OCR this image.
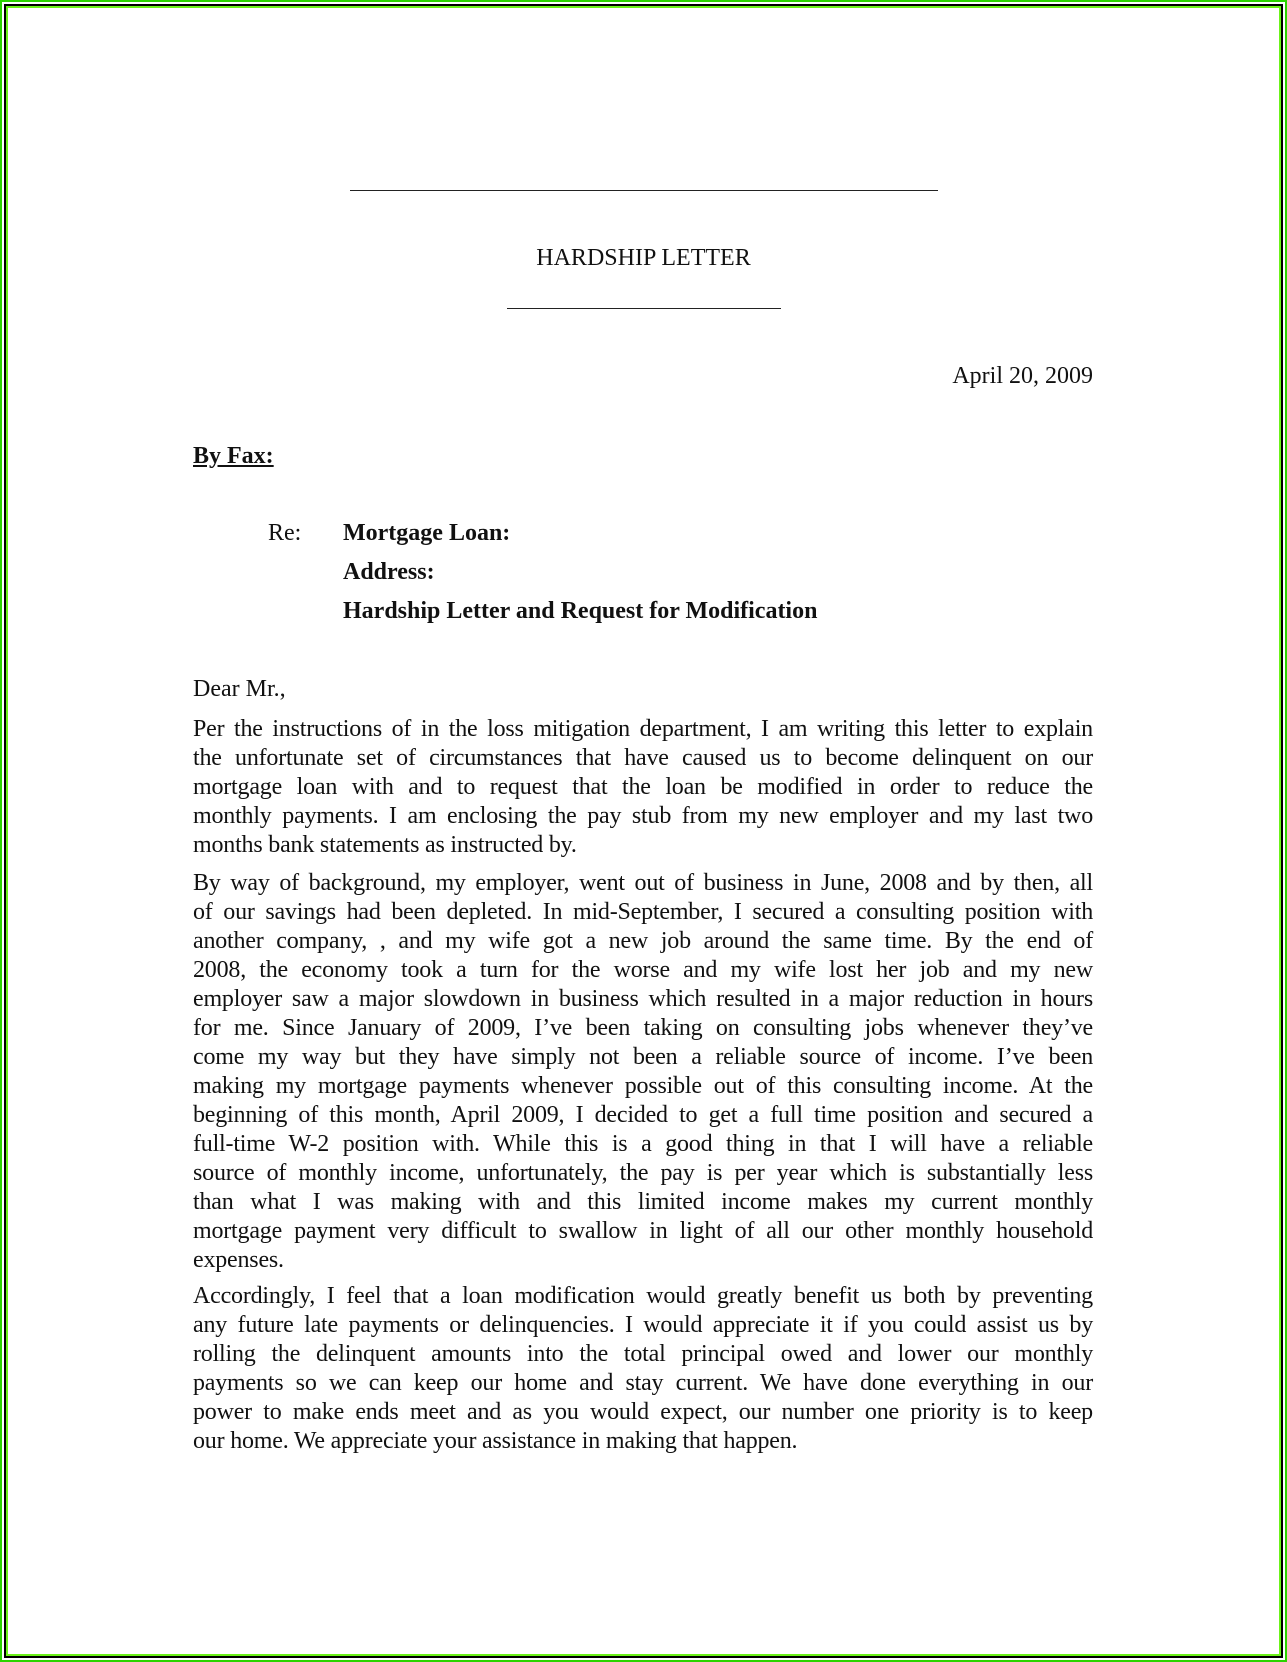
HARDSHIP LETTER
April 20, 2009
By Fax:
Re: Mortgage Loan:
Address:
Hardship Letter and Request for Modification
Dear Mr.,
Per the instructions of in the loss mitigation department, I am writing this letter to explain
the unfortunate set of circumstances that have caused us to become delinquent on our
mortgage loan with and to request that the loan be modified in order to reduce the
monthly payments. I am enclosing the pay stub from my new employer and my last two
months bank statements as instructed by.
By way of background, my employer, went out of business in June, 2008 and by then, all
of our savings had been depleted. In mid-September, I secured a consulting position with
another company, , and my wife got a new job around the same time. By the end of
2008, the economy took a turn for the worse and my wife lost her job and my new
employer saw a major slowdown in business which resulted in a major reduction in hours
for me. Since January of 2009, I’ve been taking on consulting jobs whenever they’ve
come my way but they have simply not been a reliable source of income. I’ve been
making my mortgage payments whenever possible out of this consulting income. At the
beginning of this month, April 2009, I decided to get a full time position and secured a
full-time W-2 position with. While this is a good thing in that I will have a reliable
source of monthly income, unfortunately, the pay is per year which is substantially less
than what I was making with and this limited income makes my current monthly
mortgage payment very difficult to swallow in light of all our other monthly household
expenses.
Accordingly, I feel that a loan modification would greatly benefit us both by preventing
any future late payments or delinquencies. I would appreciate it if you could assist us by
rolling the delinquent amounts into the total principal owed and lower our monthly
payments so we can keep our home and stay current. We have done everything in our
power to make ends meet and as you would expect, our number one priority is to keep
our home. We appreciate your assistance in making that happen.
